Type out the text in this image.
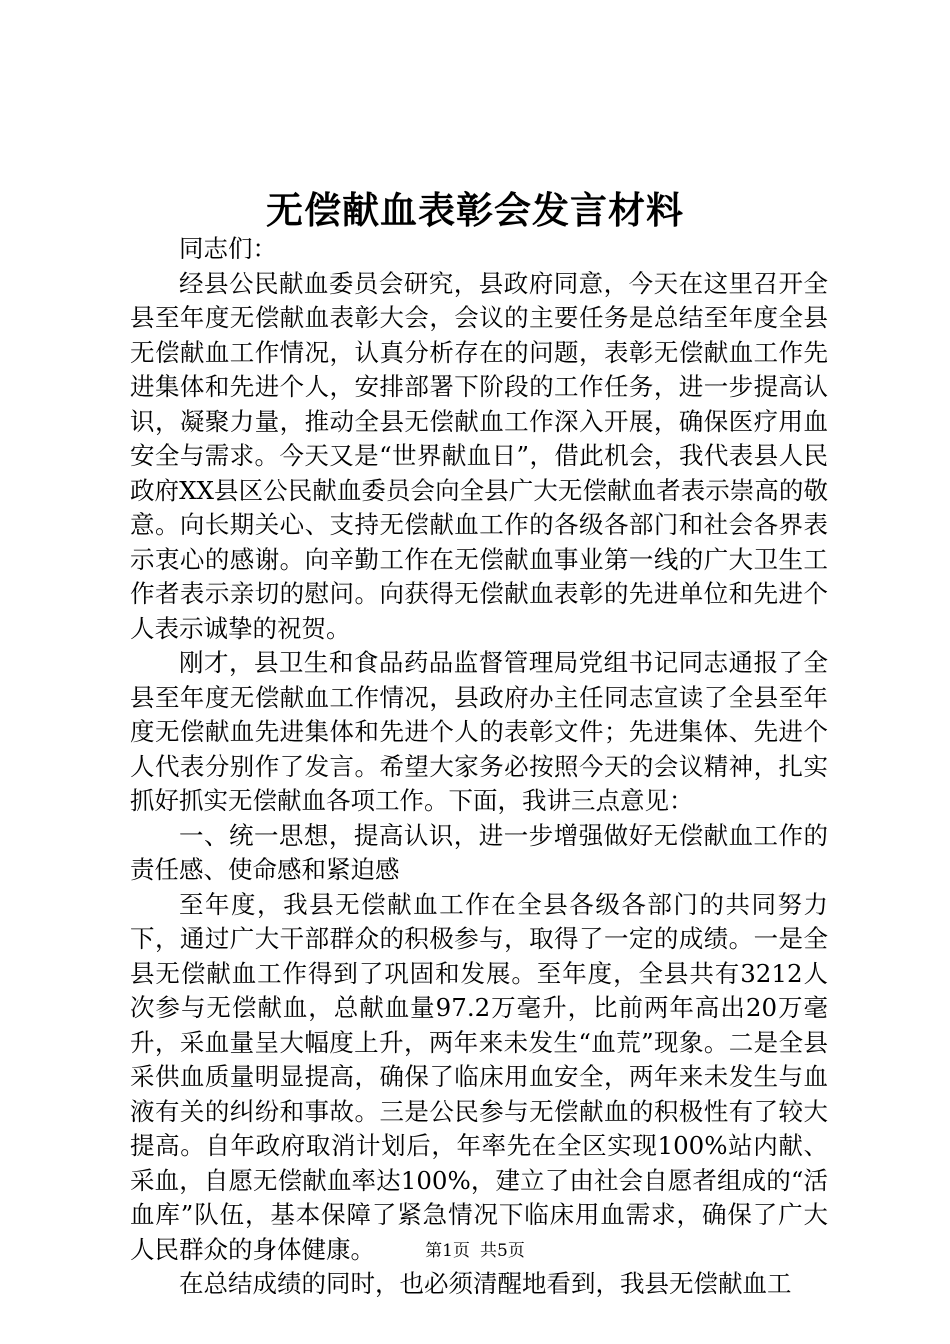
无偿献血表彰会发言材料

同志们：

经县公民献血委员会研究，县政府同意，今天在这里召开全县至年度无偿献血表彰大会，会议的主要任务是总结至年度全县无偿献血工作情况，认真分析存在的问题，表彰无偿献血工作先进集体和先进个人，安排部署下阶段的工作任务，进一步提高认识，凝聚力量，推动全县无偿献血工作深入开展，确保医疗用血安全与需求。今天又是“世界献血日”，借此机会，我代表县人民政府XX县区公民献血委员会向全县广大无偿献血者表示崇高的敬意。向长期关心、支持无偿献血工作的各级各部门和社会各界表示衷心的感谢。向辛勤工作在无偿献血事业第一线的广大卫生工作者表示亲切的慰问。向获得无偿献血表彰的先进单位和先进个人表示诚挚的祝贺。

刚才，县卫生和食品药品监督管理局党组书记同志通报了全县至年度无偿献血工作情况，县政府办主任同志宣读了全县至年度无偿献血先进集体和先进个人的表彰文件；先进集体、先进个人代表分别作了发言。希望大家务必按照今天的会议精神，扎实抓好抓实无偿献血各项工作。下面，我讲三点意见：

一、统一思想，提高认识，进一步增强做好无偿献血工作的责任感、使命感和紧迫感

至年度，我县无偿献血工作在全县各级各部门的共同努力下，通过广大干部群众的积极参与，取得了一定的成绩。一是全县无偿献血工作得到了巩固和发展。至年度，全县共有3212人次参与无偿献血，总献血量97.2万毫升，比前两年高出20万毫升，采血量呈大幅度上升，两年来未发生“血荒”现象。二是全县采供血质量明显提高，确保了临床用血安全，两年来未发生与血液有关的纠纷和事故。三是公民参与无偿献血的积极性有了较大提高。自年政府取消计划后，年率先在全区实现100%站内献、采血，自愿无偿献血率达100%，建立了由社会自愿者组成的“活血库”队伍，基本保障了紧急情况下临床用血需求，确保了广大人民群众的身体健康。

在总结成绩的同时，也必须清醒地看到，我县无偿献血工

第1页 共5页
